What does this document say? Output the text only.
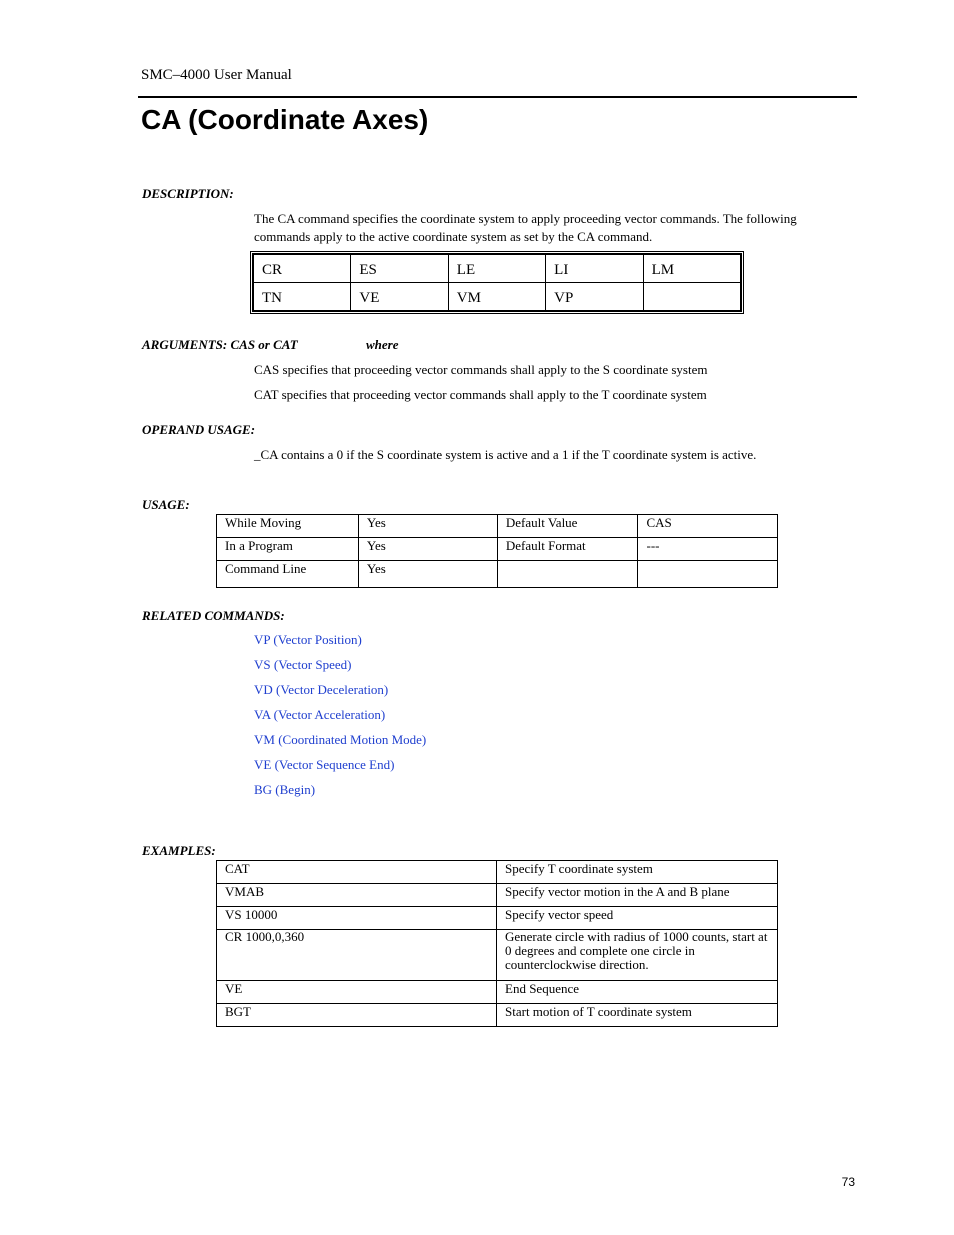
SMC–4000 User Manual
CA (Coordinate Axes)
DESCRIPTION:
The CA command specifies the coordinate system to apply proceeding vector commands. The following commands apply to the active coordinate system as set by the CA command.
CR	ES	LE	LI	LM
TN	VE	VM	VP	
ARGUMENTS: CAS or CAT	where
CAS specifies that proceeding vector commands shall apply to the S coordinate system
CAT specifies that proceeding vector commands shall apply to the T coordinate system
OPERAND USAGE:
_CA contains a 0 if the S coordinate system is active and a 1 if the T coordinate system is active.
USAGE:
While Moving	Yes	Default Value	CAS
In a Program	Yes	Default Format	---
Command Line	Yes		
RELATED COMMANDS:
VP (Vector Position)
VS (Vector Speed)
VD (Vector Deceleration)
VA (Vector Acceleration)
VM (Coordinated Motion Mode)
VE (Vector Sequence End)
BG (Begin)
EXAMPLES:
CAT	Specify T coordinate system
VMAB	Specify vector motion in the A and B plane
VS 10000	Specify vector speed
CR 1000,0,360	Generate circle with radius of 1000 counts, start at 0 degrees and complete one circle in counterclockwise direction.
VE	End Sequence
BGT	Start motion of T coordinate system
73
